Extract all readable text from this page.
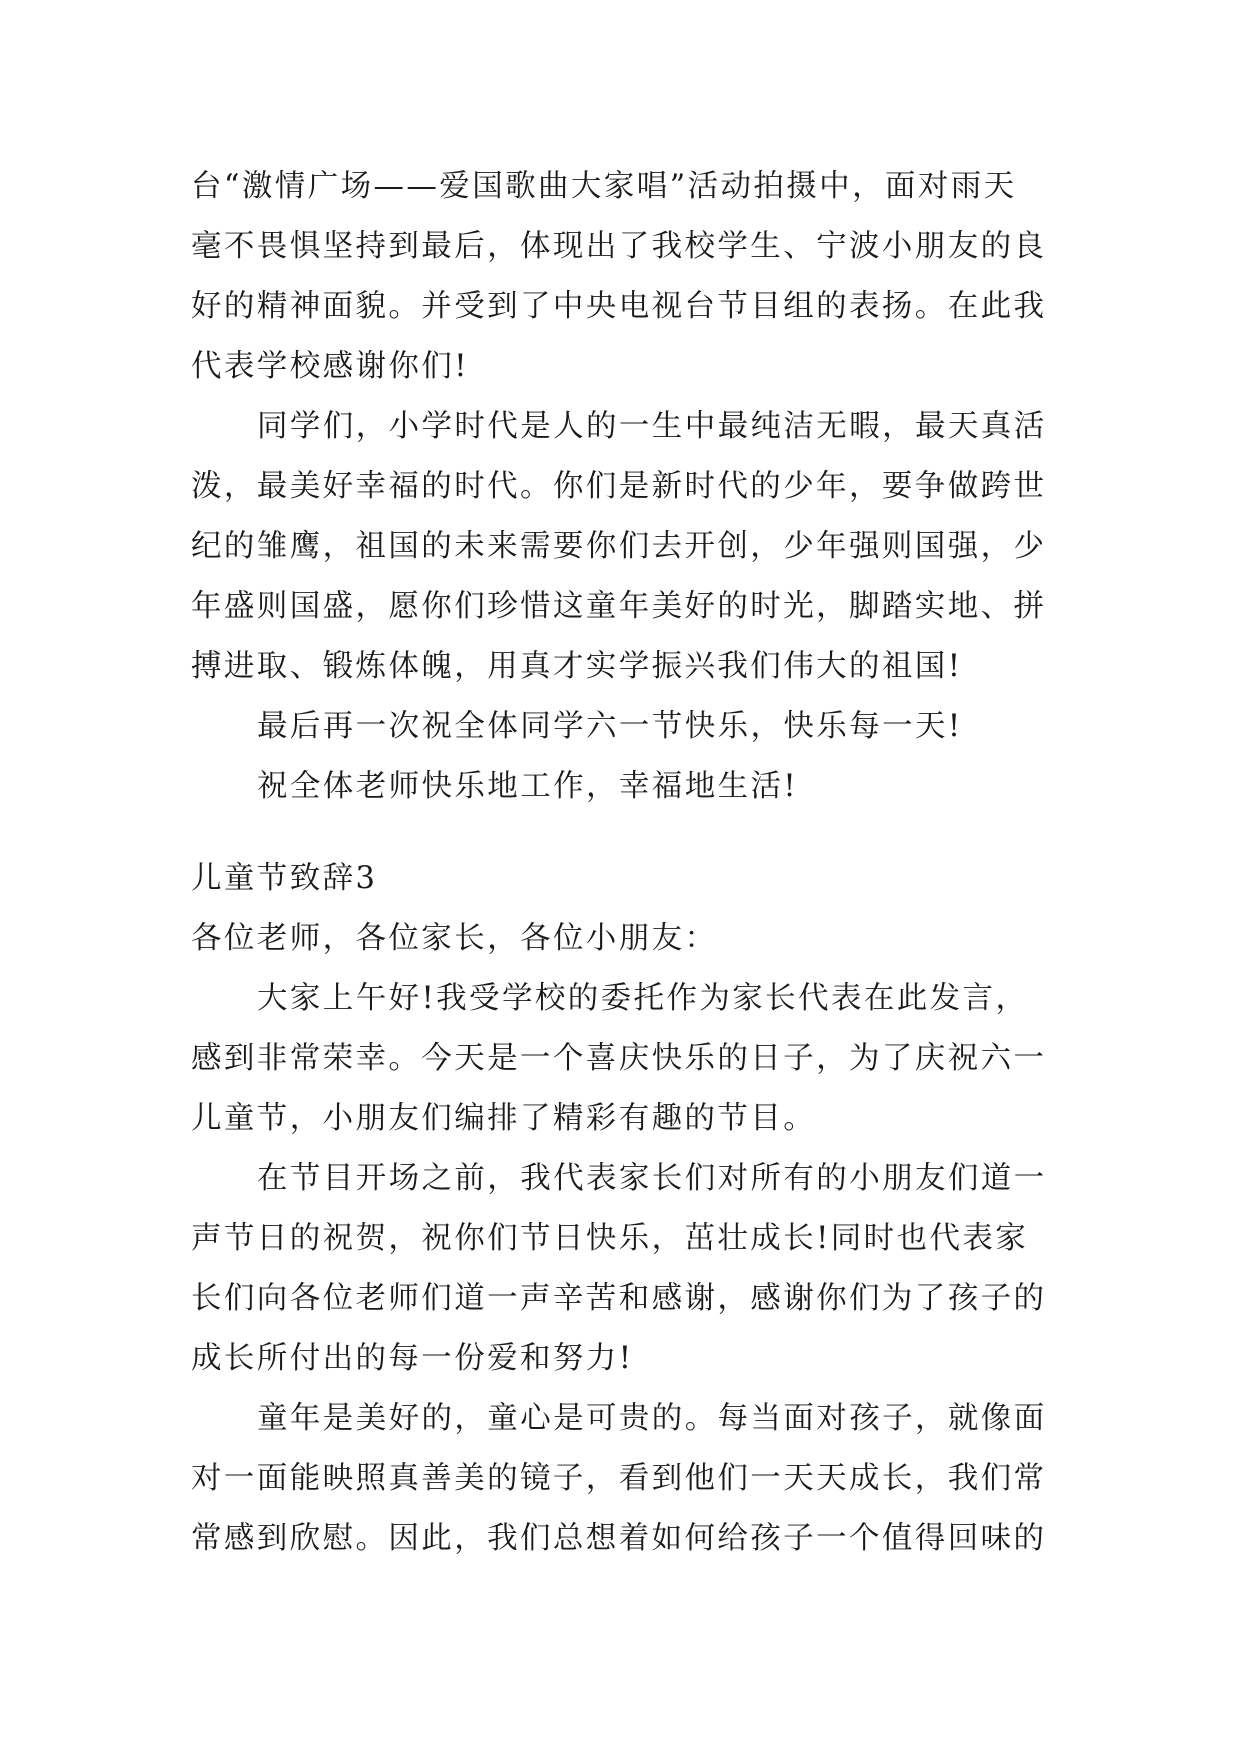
台“激情广场——爱国歌曲大家唱”活动拍摄中，面对雨天
毫不畏惧坚持到最后，体现出了我校学生、宁波小朋友的良
好的精神面貌。并受到了中央电视台节目组的表扬。在此我
代表学校感谢你们!
同学们，小学时代是人的一生中最纯洁无暇，最天真活
泼，最美好幸福的时代。你们是新时代的少年，要争做跨世
纪的雏鹰，祖国的未来需要你们去开创，少年强则国强，少
年盛则国盛，愿你们珍惜这童年美好的时光，脚踏实地、拼
搏进取、锻炼体魄，用真才实学振兴我们伟大的祖国!
最后再一次祝全体同学六一节快乐，快乐每一天!
祝全体老师快乐地工作，幸福地生活!
儿童节致辞3
各位老师，各位家长，各位小朋友：
大家上午好!我受学校的委托作为家长代表在此发言，
感到非常荣幸。今天是一个喜庆快乐的日子，为了庆祝六一
儿童节，小朋友们编排了精彩有趣的节目。
在节目开场之前，我代表家长们对所有的小朋友们道一
声节日的祝贺，祝你们节日快乐，茁壮成长!同时也代表家
长们向各位老师们道一声辛苦和感谢，感谢你们为了孩子的
成长所付出的每一份爱和努力!
童年是美好的，童心是可贵的。每当面对孩子，就像面
对一面能映照真善美的镜子，看到他们一天天成长，我们常
常感到欣慰。因此，我们总想着如何给孩子一个值得回味的
